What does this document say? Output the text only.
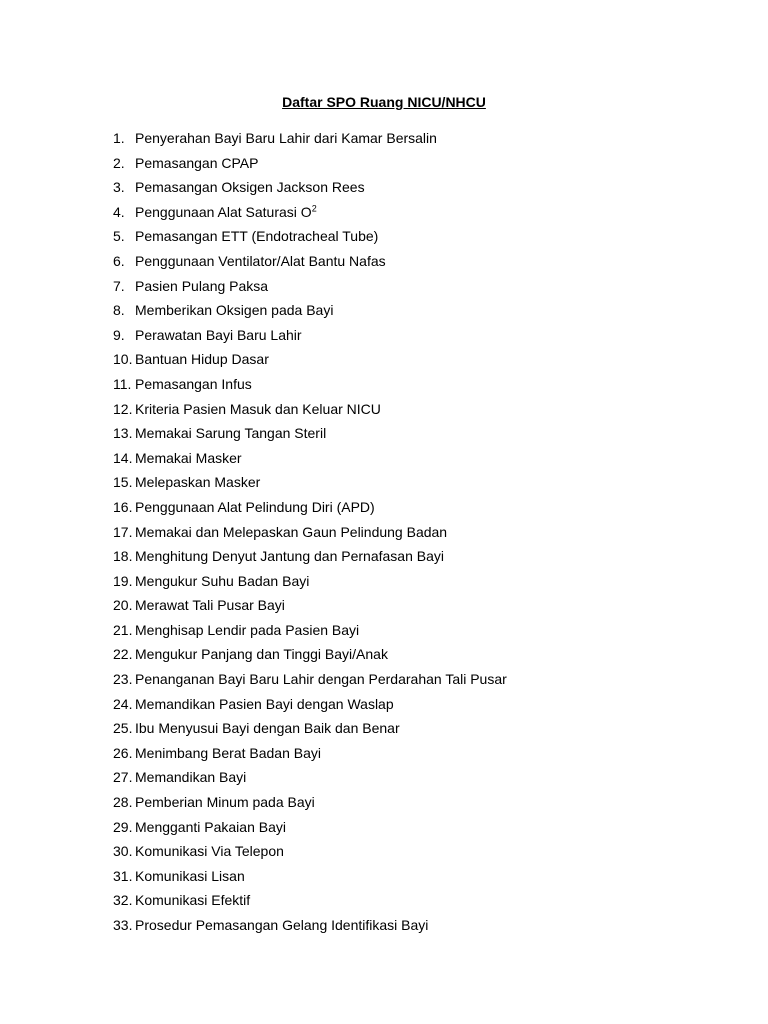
Daftar SPO Ruang NICU/NHCU
1. Penyerahan Bayi Baru Lahir dari Kamar Bersalin
2. Pemasangan CPAP
3. Pemasangan Oksigen Jackson Rees
4. Penggunaan Alat Saturasi $O^2$
5. Pemasangan ETT (Endotracheal Tube)
6. Penggunaan Ventilator/Alat Bantu Nafas
7. Pasien Pulang Paksa
8. Memberikan Oksigen pada Bayi
9. Perawatan Bayi Baru Lahir
10. Bantuan Hidup Dasar
11. Pemasangan Infus
12. Kriteria Pasien Masuk dan Keluar NICU
13. Memakai Sarung Tangan Steril
14. Memakai Masker
15. Melepaskan Masker
16. Penggunaan Alat Pelindung Diri (APD)
17. Memakai dan Melepaskan Gaun Pelindung Badan
18. Menghitung Denyut Jantung dan Pernafasan Bayi
19. Mengukur Suhu Badan Bayi
20. Merawat Tali Pusar Bayi
21. Menghisap Lendir pada Pasien Bayi
22. Mengukur Panjang dan Tinggi Bayi/Anak
23. Penanganan Bayi Baru Lahir dengan Perdarahan Tali Pusar
24. Memandikan Pasien Bayi dengan Waslap
25. Ibu Menyusui Bayi dengan Baik dan Benar
26. Menimbang Berat Badan Bayi
27. Memandikan Bayi
28. Pemberian Minum pada Bayi
29. Mengganti Pakaian Bayi
30. Komunikasi Via Telepon
31. Komunikasi Lisan
32. Komunikasi Efektif
33. Prosedur Pemasangan Gelang Identifikasi Bayi
